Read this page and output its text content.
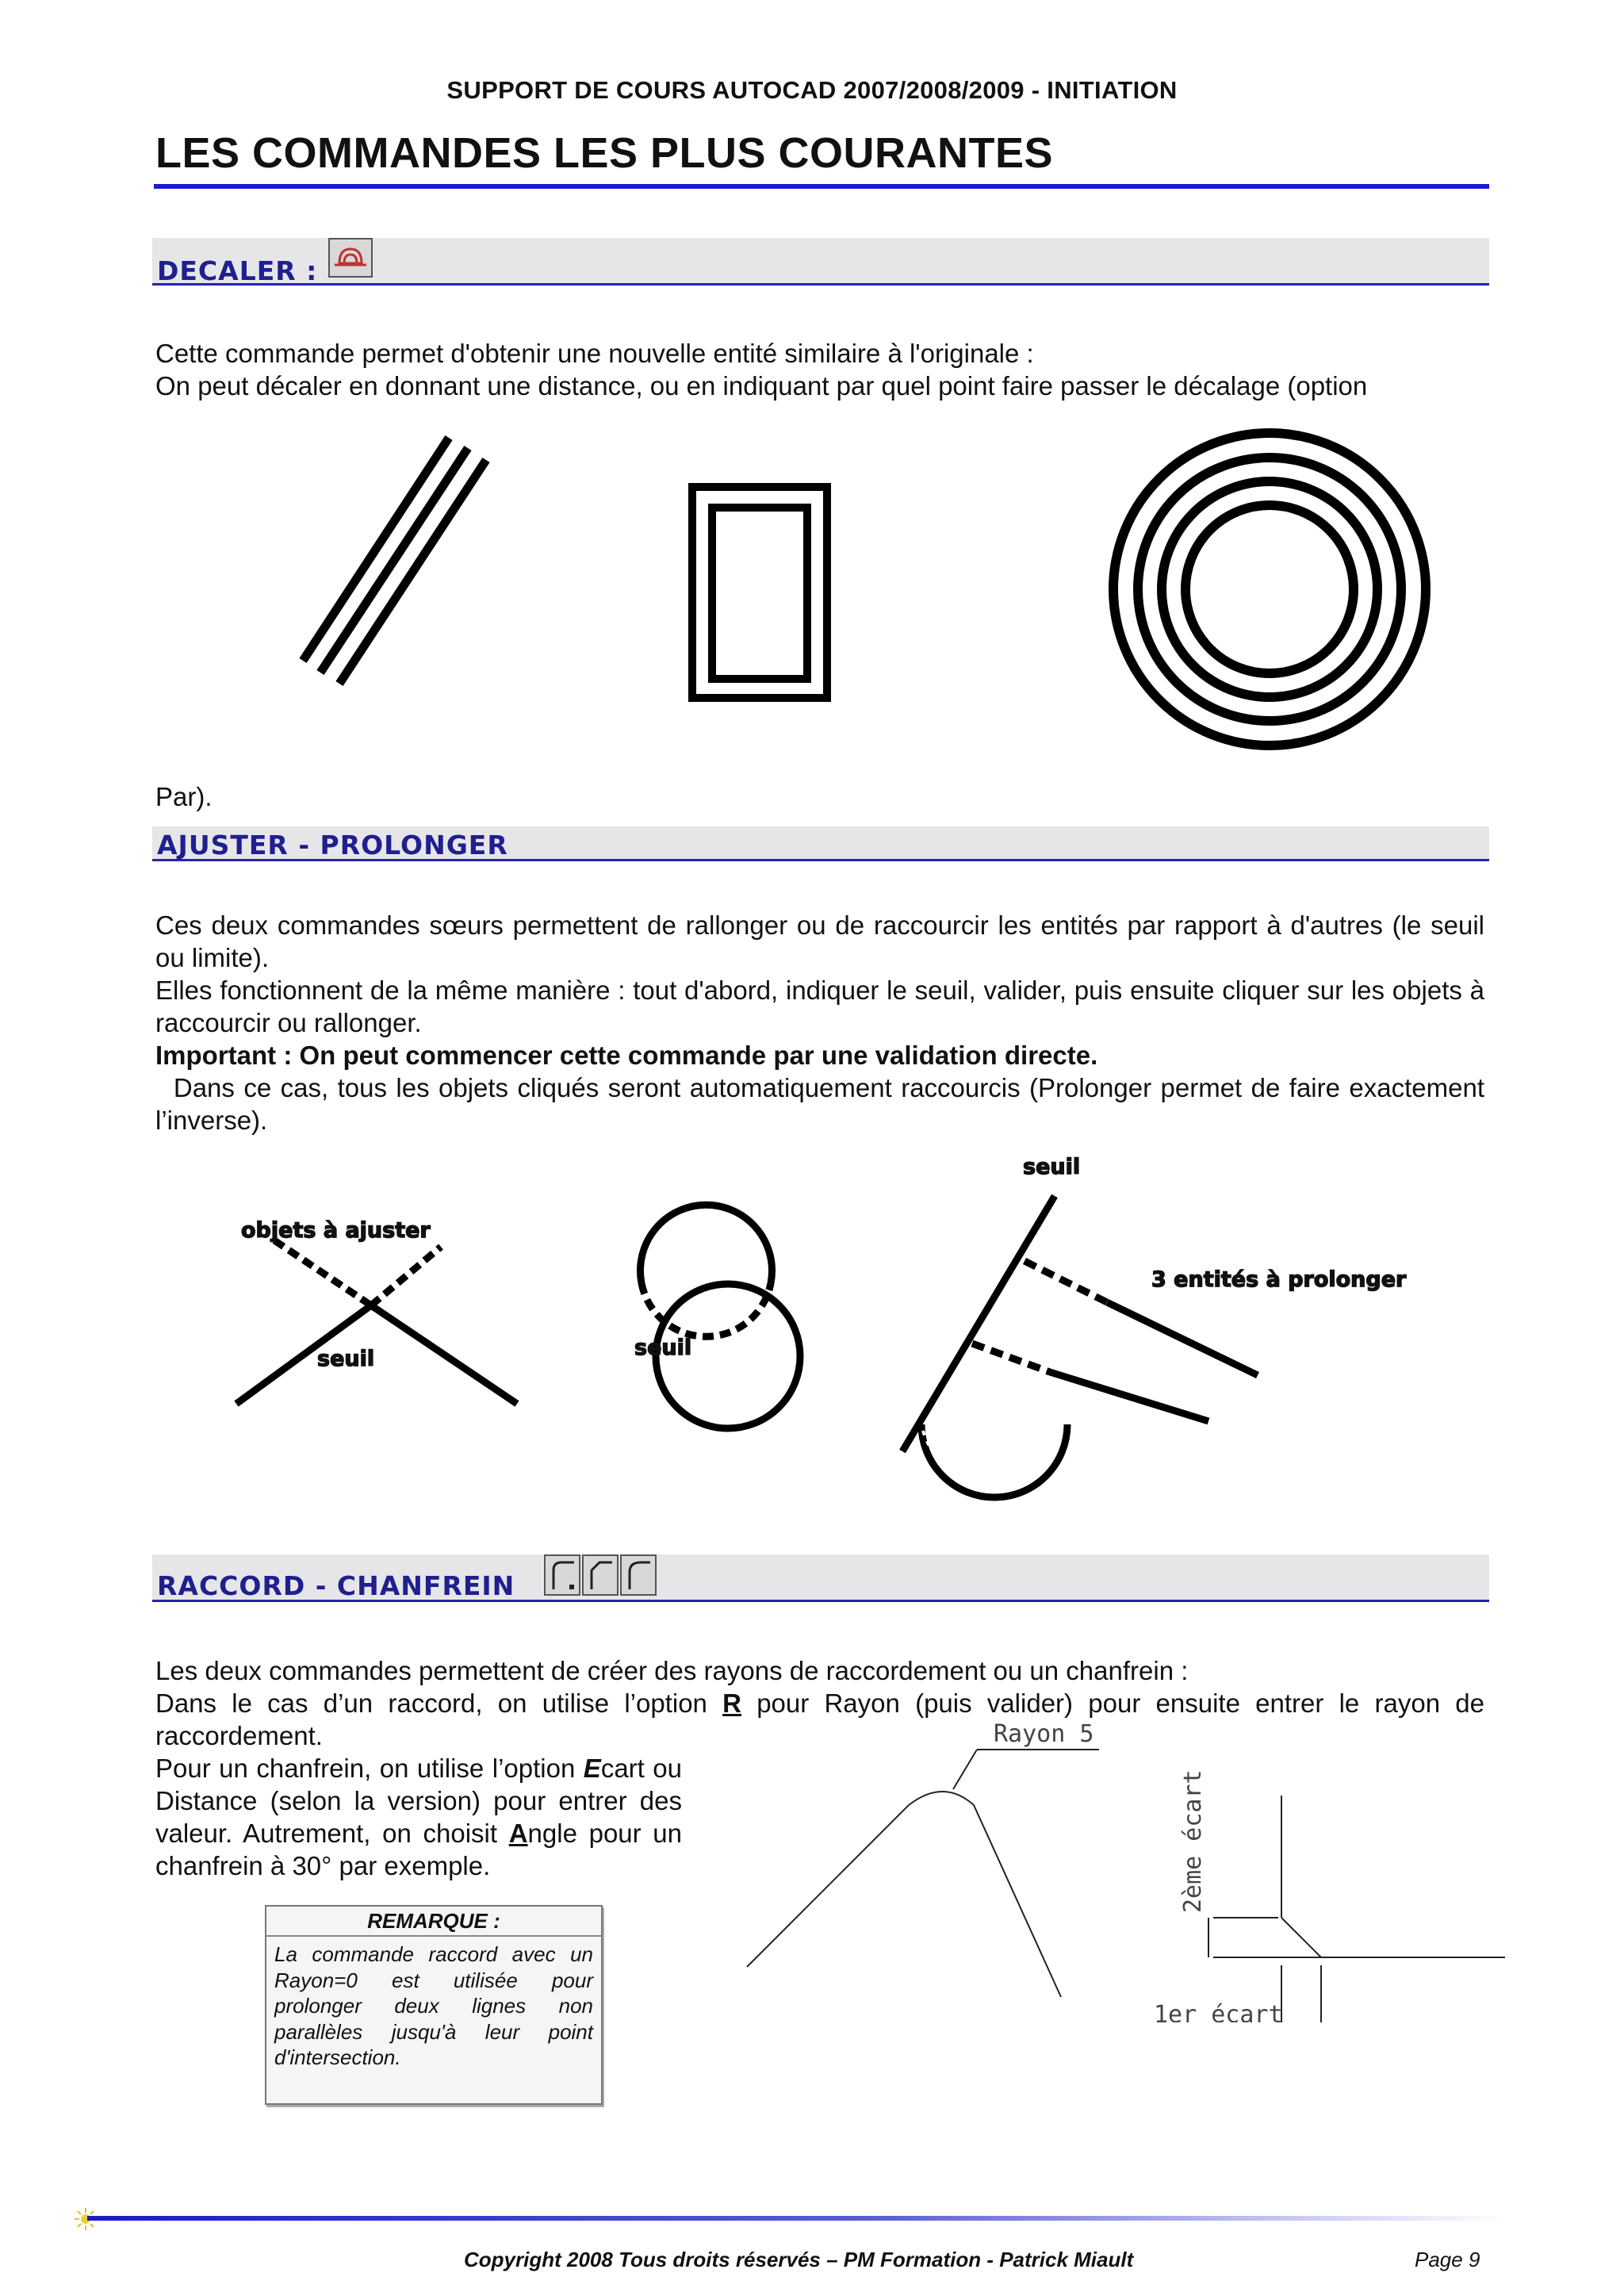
SUPPORT DE COURS AUTOCAD 2007/2008/2009 - INITIATION
LES COMMANDES LES PLUS COURANTES
DECALER :

Cette commande permet d'obtenir une nouvelle entité similaire à l'originale :

On peut décaler en donnant une distance, ou en indiquant par quel point faire passer le décalage (option

Par).
AJUSTER - PROLONGER

Ces deux commandes sœurs permettent de rallonger ou de raccourcir les entités par rapport à d'autres (le seuil ou limite).

Elles fonctionnent de la même manière : tout d'abord, indiquer le seuil, valider, puis ensuite cliquer sur les objets à raccourcir ou rallonger.

Important : On peut commencer cette commande par une validation directe.

Dans ce cas, tous les objets cliqués seront automatiquement raccourcis (Prolonger permet de faire exactement l’inverse).

objets à ajuster
seuil	seuil
seuil
3 entités à prolonger
RACCORD - CHANFREIN

Les deux commandes permettent de créer des rayons de raccordement ou un chanfrein :

Dans le cas d’un raccord, on utilise l’option R pour Rayon (puis valider) pour ensuite entrer le rayon de raccordement.

Pour un chanfrein, on utilise l’option Ecart ou Distance (selon la version) pour entrer des valeur. Autrement, on choisit Angle pour un chanfrein à 30° par exemple.

REMARQUE :
La commande raccord avec un Rayon=0 est utilisée pour prolonger deux lignes non parallèles jusqu'à leur point d'intersection.
Rayon 5
1er écart
2ème écart
Copyright 2008 Tous droits réservés – PM Formation - Patrick Miault	Page 9
